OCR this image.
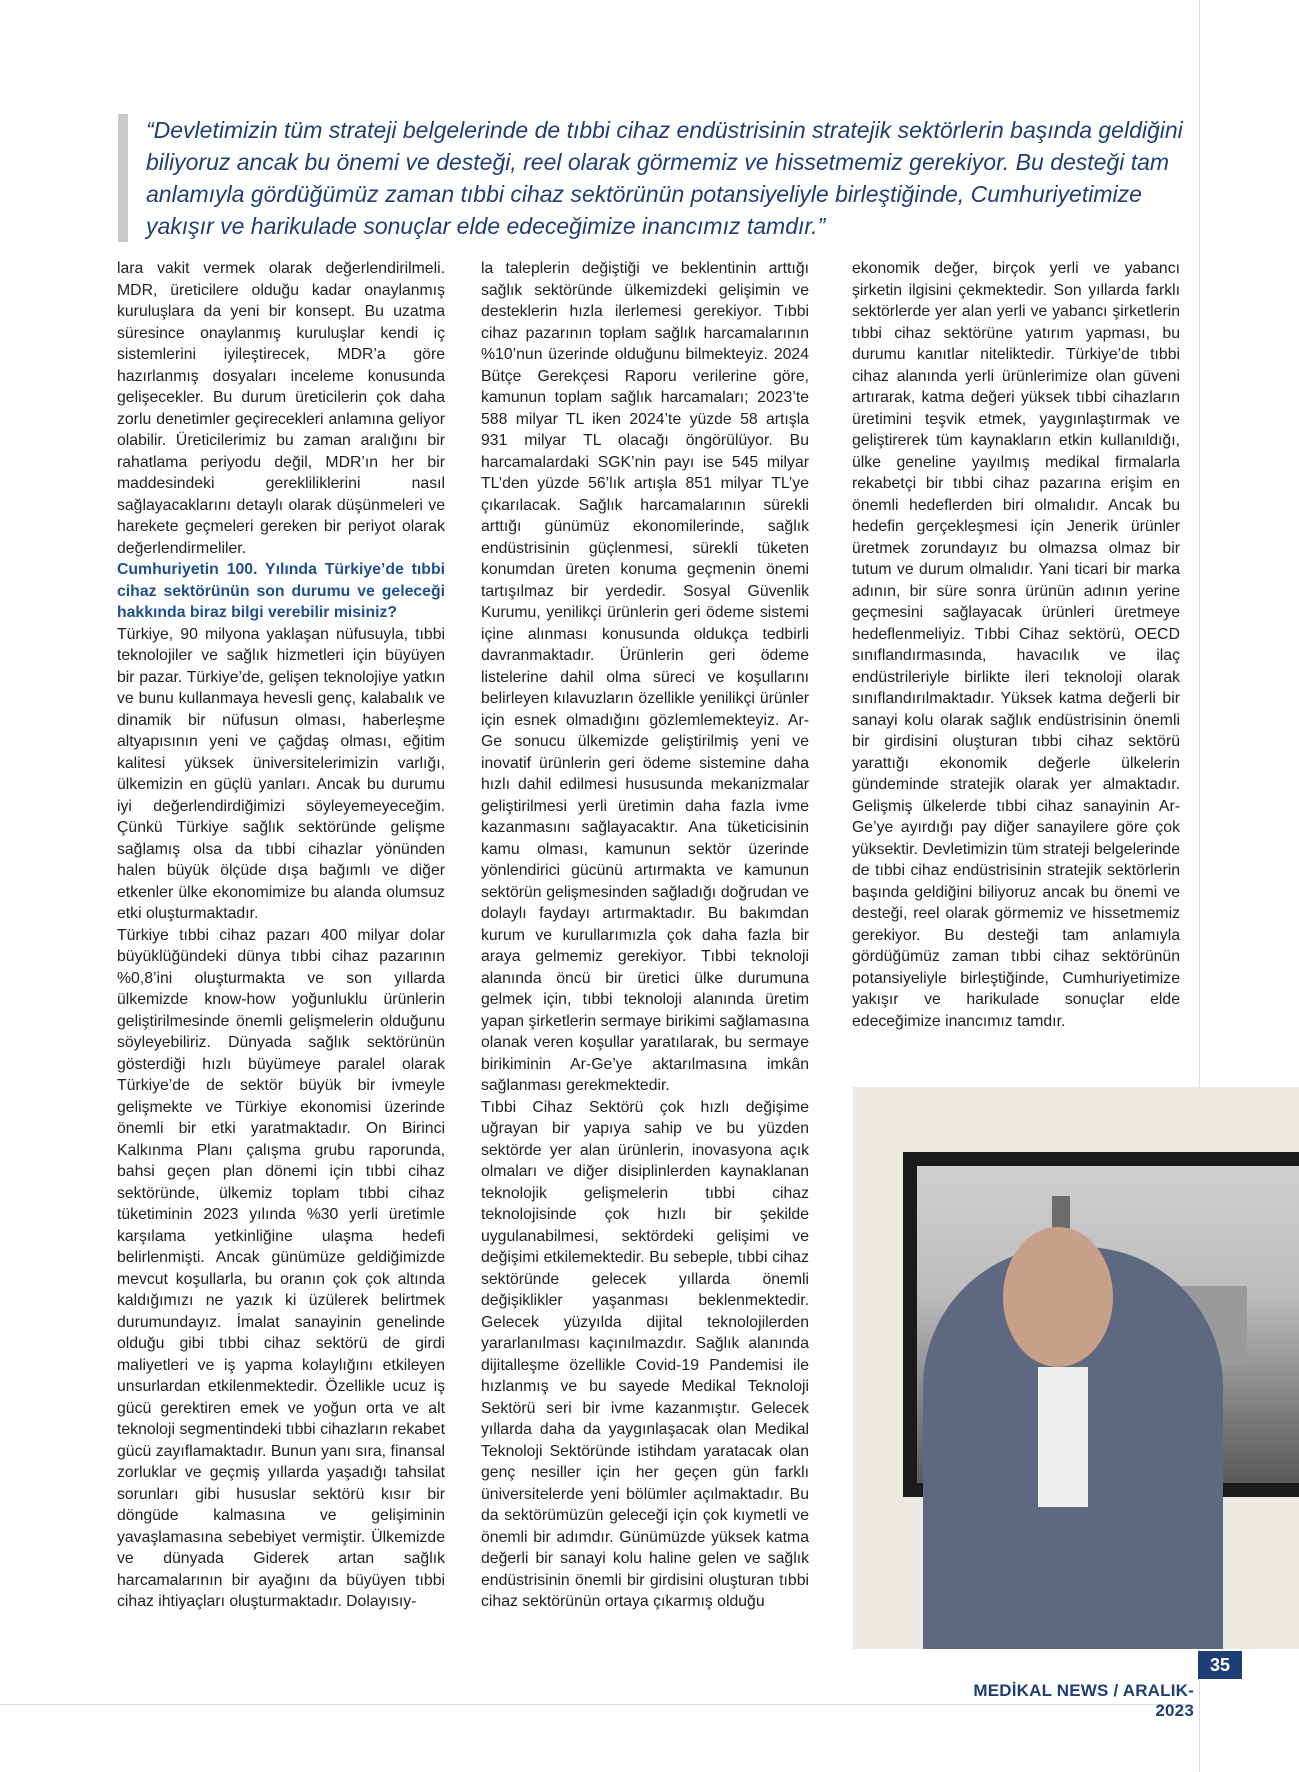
“Devletimizin tüm strateji belgelerinde de tıbbi cihaz endüstrisinin stratejik sektörlerin başında geldiğini biliyoruz ancak bu önemi ve desteği, reel olarak görmemiz ve hissetmemiz gerekiyor. Bu desteği tam anlamıyla gördüğümüz zaman tıbbi cihaz sektörünün potansiyeliyle birleştiğinde, Cumhuriyetimize yakışır ve harikulade sonuçlar elde edeceğimize inancımız tamdır.”

lara vakit vermek olarak değerlendirilmeli. MDR, üreticilere olduğu kadar onaylanmış kuruluşlara da yeni bir konsept. Bu uzatma süresince onaylanmış kuruluşlar kendi iç sistemlerini iyileştirecek, MDR’a göre hazırlanmış dosyaları inceleme konusunda gelişecekler. Bu durum üreticilerin çok daha zorlu denetimler geçirecekleri anlamına geliyor olabilir. Üreticilerimiz bu zaman aralığını bir rahatlama periyodu değil, MDR’ın her bir maddesindeki gerekliliklerini nasıl sağlayacaklarını detaylı olarak düşünmeleri ve harekete geçmeleri gereken bir periyot olarak değerlendirmeliler.

Cumhuriyetin 100. Yılında Türkiye’de tıbbi cihaz sektörünün son durumu ve geleceği hakkında biraz bilgi verebilir misiniz?

Türkiye, 90 milyona yaklaşan nüfusuyla, tıbbi teknolojiler ve sağlık hizmetleri için büyüyen bir pazar. Türkiye’de, gelişen teknolojiye yatkın ve bunu kullanmaya hevesli genç, kalabalık ve dinamik bir nüfusun olması, haberleşme altyapısının yeni ve çağdaş olması, eğitim kalitesi yüksek üniversitelerimizin varlığı, ülkemizin en güçlü yanları. Ancak bu durumu iyi değerlendirdiğimizi söyleyemeyeceğim. Çünkü Türkiye sağlık sektöründe gelişme sağlamış olsa da tıbbi cihazlar yönünden halen büyük ölçüde dışa bağımlı ve diğer etkenler ülke ekonomimize bu alanda olumsuz etki oluşturmaktadır.

Türkiye tıbbi cihaz pazarı 400 milyar dolar büyüklüğündeki dünya tıbbi cihaz pazarının %0,8’ini oluşturmakta ve son yıllarda ülkemizde know-how yoğunluklu ürünlerin geliştirilmesinde önemli gelişmelerin olduğunu söyleyebiliriz. Dünyada sağlık sektörünün gösterdiği hızlı büyümeye paralel olarak Türkiye’de de sektör büyük bir ivmeyle gelişmekte ve Türkiye ekonomisi üzerinde önemli bir etki yaratmaktadır. On Birinci Kalkınma Planı çalışma grubu raporunda, bahsi geçen plan dönemi için tıbbi cihaz sektöründe, ülkemiz toplam tıbbi cihaz tüketiminin 2023 yılında %30 yerli üretimle karşılama yetkinliğine ulaşma hedefi belirlenmişti. Ancak günümüze geldiğimizde mevcut koşullarla, bu oranın çok çok altında kaldığımızı ne yazık ki üzülerek belirtmek durumundayız. İmalat sanayinin genelinde olduğu gibi tıbbi cihaz sektörü de girdi maliyetleri ve iş yapma kolaylığını etkileyen unsurlardan etkilenmektedir. Özellikle ucuz iş gücü gerektiren emek ve yoğun orta ve alt teknoloji segmentindeki tıbbi cihazların rekabet gücü zayıflamaktadır. Bunun yanı sıra, finansal zorluklar ve geçmiş yıllarda yaşadığı tahsilat sorunları gibi hususlar sektörü kısır bir döngüde kalmasına ve gelişiminin yavaşlamasına sebebiyet vermiştir. Ülkemizde ve dünyada Giderek artan sağlık harcamalarının bir ayağını da büyüyen tıbbi cihaz ihtiyaçları oluşturmaktadır. Dolayısıy-

la taleplerin değiştiği ve beklentinin arttığı sağlık sektöründe ülkemizdeki gelişimin ve desteklerin hızla ilerlemesi gerekiyor. Tıbbi cihaz pazarının toplam sağlık harcamalarının %10’nun üzerinde olduğunu bilmekteyiz. 2024 Bütçe Gerekçesi Raporu verilerine göre, kamunun toplam sağlık harcamaları; 2023’te 588 milyar TL iken 2024’te yüzde 58 artışla 931 milyar TL olacağı öngörülüyor. Bu harcamalardaki SGK’nin payı ise 545 milyar TL’den yüzde 56’lık artışla 851 milyar TL’ye çıkarılacak. Sağlık harcamalarının sürekli arttığı günümüz ekonomilerinde, sağlık endüstrisinin güçlenmesi, sürekli tüketen konumdan üreten konuma geçmenin önemi tartışılmaz bir yerdedir. Sosyal Güvenlik Kurumu, yenilikçi ürünlerin geri ödeme sistemi içine alınması konusunda oldukça tedbirli davranmaktadır. Ürünlerin geri ödeme listelerine dahil olma süreci ve koşullarını belirleyen kılavuzların özellikle yenilikçi ürünler için esnek olmadığını gözlemlemekteyiz. Ar-Ge sonucu ülkemizde geliştirilmiş yeni ve inovatif ürünlerin geri ödeme sistemine daha hızlı dahil edilmesi hususunda mekanizmalar geliştirilmesi yerli üretimin daha fazla ivme kazanmasını sağlayacaktır. Ana tüketicisinin kamu olması, kamunun sektör üzerinde yönlendirici gücünü artırmakta ve kamunun sektörün gelişmesinden sağladığı doğrudan ve dolaylı faydayı artırmaktadır. Bu bakımdan kurum ve kurullarımızla çok daha fazla bir araya gelmemiz gerekiyor. Tıbbi teknoloji alanında öncü bir üretici ülke durumuna gelmek için, tıbbi teknoloji alanında üretim yapan şirketlerin sermaye birikimi sağlamasına olanak veren koşullar yaratılarak, bu sermaye birikiminin Ar-Ge’ye aktarılmasına imkân sağlanması gerekmektedir.

Tıbbi Cihaz Sektörü çok hızlı değişime uğrayan bir yapıya sahip ve bu yüzden sektörde yer alan ürünlerin, inovasyona açık olmaları ve diğer disiplinlerden kaynaklanan teknolojik gelişmelerin tıbbi cihaz teknolojisinde çok hızlı bir şekilde uygulanabilmesi, sektördeki gelişimi ve değişimi etkilemektedir. Bu sebeple, tıbbi cihaz sektöründe gelecek yıllarda önemli değişiklikler yaşanması beklenmektedir. Gelecek yüzyılda dijital teknolojilerden yararlanılması kaçınılmazdır. Sağlık alanında dijitalleşme özellikle Covid-19 Pandemisi ile hızlanmış ve bu sayede Medikal Teknoloji Sektörü seri bir ivme kazanmıştır. Gelecek yıllarda daha da yaygınlaşacak olan Medikal Teknoloji Sektöründe istihdam yaratacak olan genç nesiller için her geçen gün farklı üniversitelerde yeni bölümler açılmaktadır. Bu da sektörümüzün geleceği için çok kıymetli ve önemli bir adımdır. Günümüzde yüksek katma değerli bir sanayi kolu haline gelen ve sağlık endüstrisinin önemli bir girdisini oluşturan tıbbi cihaz sektörünün ortaya çıkarmış olduğu

ekonomik değer, birçok yerli ve yabancı şirketin ilgisini çekmektedir. Son yıllarda farklı sektörlerde yer alan yerli ve yabancı şirketlerin tıbbi cihaz sektörüne yatırım yapması, bu durumu kanıtlar niteliktedir. Türkiye’de tıbbi cihaz alanında yerli ürünlerimize olan güveni artırarak, katma değeri yüksek tıbbi cihazların üretimini teşvik etmek, yaygınlaştırmak ve geliştirerek tüm kaynakların etkin kullanıldığı, ülke geneline yayılmış medikal firmalarla rekabetçi bir tıbbi cihaz pazarına erişim en önemli hedeflerden biri olmalıdır. Ancak bu hedefin gerçekleşmesi için Jenerik ürünler üretmek zorundayız bu olmazsa olmaz bir tutum ve durum olmalıdır. Yani ticari bir marka adının, bir süre sonra ürünün adının yerine geçmesini sağlayacak ürünleri üretmeye hedeflenmeliyiz. Tıbbi Cihaz sektörü, OECD sınıflandırmasında, havacılık ve ilaç endüstrileriyle birlikte ileri teknoloji olarak sınıflandırılmaktadır. Yüksek katma değerli bir sanayi kolu olarak sağlık endüstrisinin önemli bir girdisini oluşturan tıbbi cihaz sektörü yarattığı ekonomik değerle ülkelerin gündeminde stratejik olarak yer almaktadır. Gelişmiş ülkelerde tıbbi cihaz sanayinin Ar-Ge’ye ayırdığı pay diğer sanayilere göre çok yüksektir. Devletimizin tüm strateji belgelerinde de tıbbi cihaz endüstrisinin stratejik sektörlerin başında geldiğini biliyoruz ancak bu önemi ve desteği, reel olarak görmemiz ve hissetmemiz gerekiyor. Bu desteği tam anlamıyla gördüğümüz zaman tıbbi cihaz sektörünün potansiyeliyle birleştiğinde, Cumhuriyetimize yakışır ve harikulade sonuçlar elde edeceğimize inancımız tamdır.

35
MEDİKAL NEWS / ARALIK-2023
